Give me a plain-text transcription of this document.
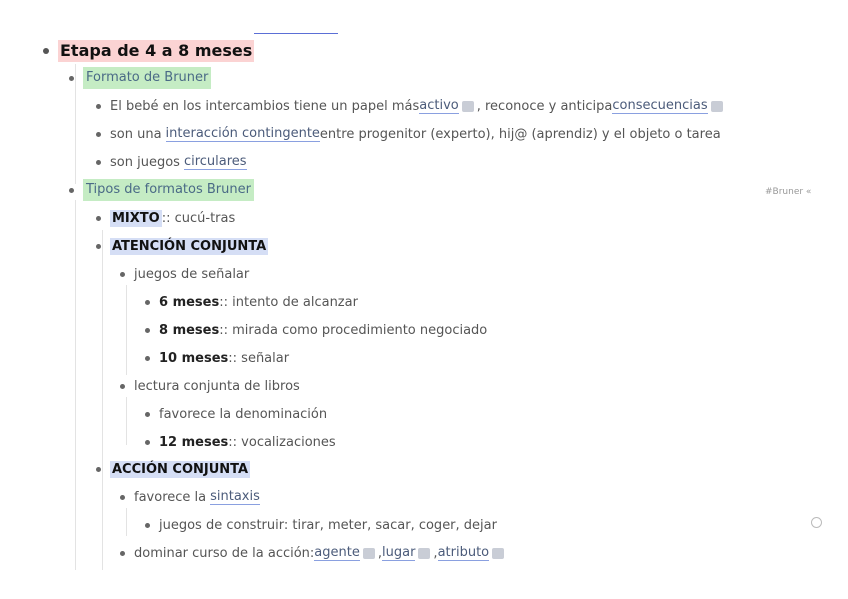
Etapa de 4 a 8 meses
Formato de Bruner
El bebé en los intercambios tiene un papel más activo , reconoce y anticipa consecuencias
son una interacción contingente entre progenitor (experto), hij@ (aprendiz) y el objeto o tarea
son juegos circulares
Tipos de formatos Bruner	#Bruner «
MIXTO :: cucú-tras
ATENCIÓN CONJUNTA
juegos de señalar
6 meses :: intento de alcanzar
8 meses :: mirada como procedimiento negociado
10 meses :: señalar
lectura conjunta de libros
favorece la denominación
12 meses :: vocalizaciones
ACCIÓN CONJUNTA
favorece la sintaxis
juegos de construir: tirar, meter, sacar, coger, dejar
dominar curso de la acción: agente , lugar , atributo
